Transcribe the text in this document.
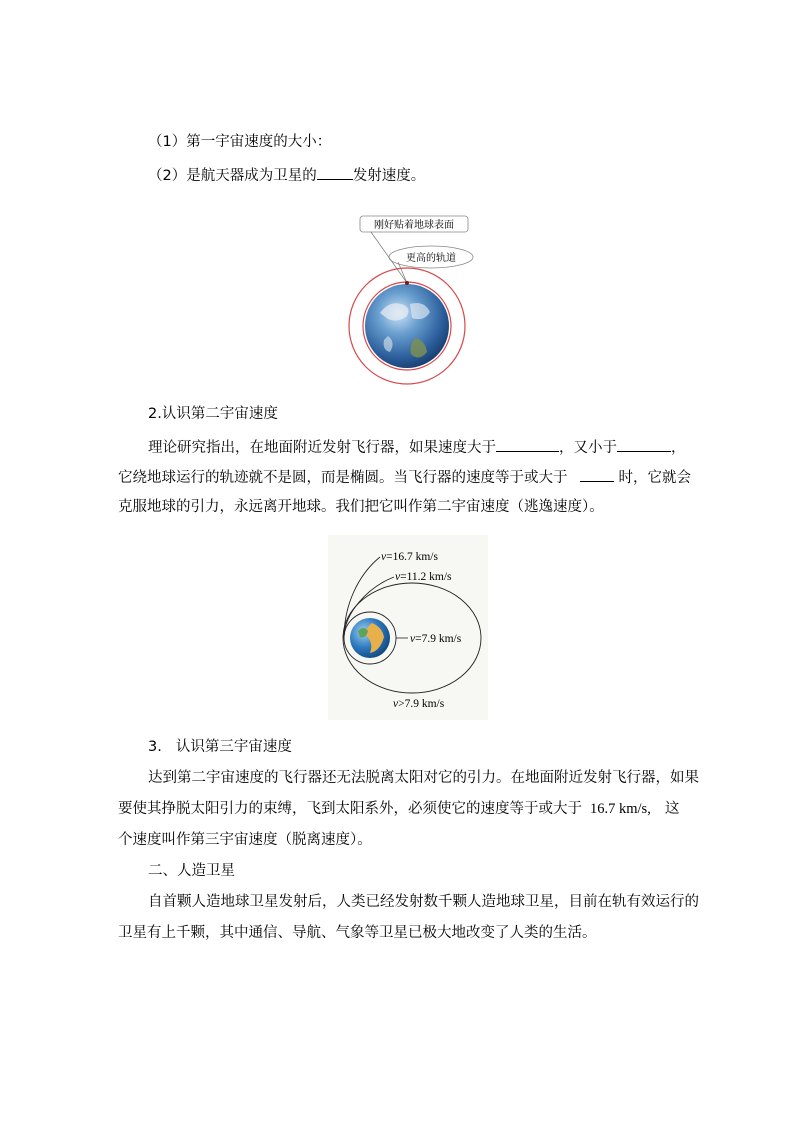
（1）第一宇宙速度的大小：
（2）是航天器成为卫星的 发射速度。
刚好贴着地球表面
更高的轨道
2.认识第二宇宙速度
理论研究指出，在地面附近发射飞行器，如果速度大于	，又小于	，
它绕地球运行的轨迹就不是圆，而是椭圆。当飞行器的速度等于或大于	时，它就会
克服地球的引力，永远离开地球。我们把它叫作第二宇宙速度（逃逸速度）。
v=16.7 km/s
v=11.2 km/s
v=7.9 km/s
v>7.9 km/s
3. 认识第三宇宙速度
达到第二宇宙速度的飞行器还无法脱离太阳对它的引力。在地面附近发射飞行器，如果
要使其挣脱太阳引力的束缚，飞到太阳系外，必须使它的速度等于或大于 16.7 km/s, 这
个速度叫作第三宇宙速度（脱离速度）。
二、人造卫星
自首颗人造地球卫星发射后，人类已经发射数千颗人造地球卫星，目前在轨有效运行的
卫星有上千颗，其中通信、导航、气象等卫星已极大地改变了人类的生活。
